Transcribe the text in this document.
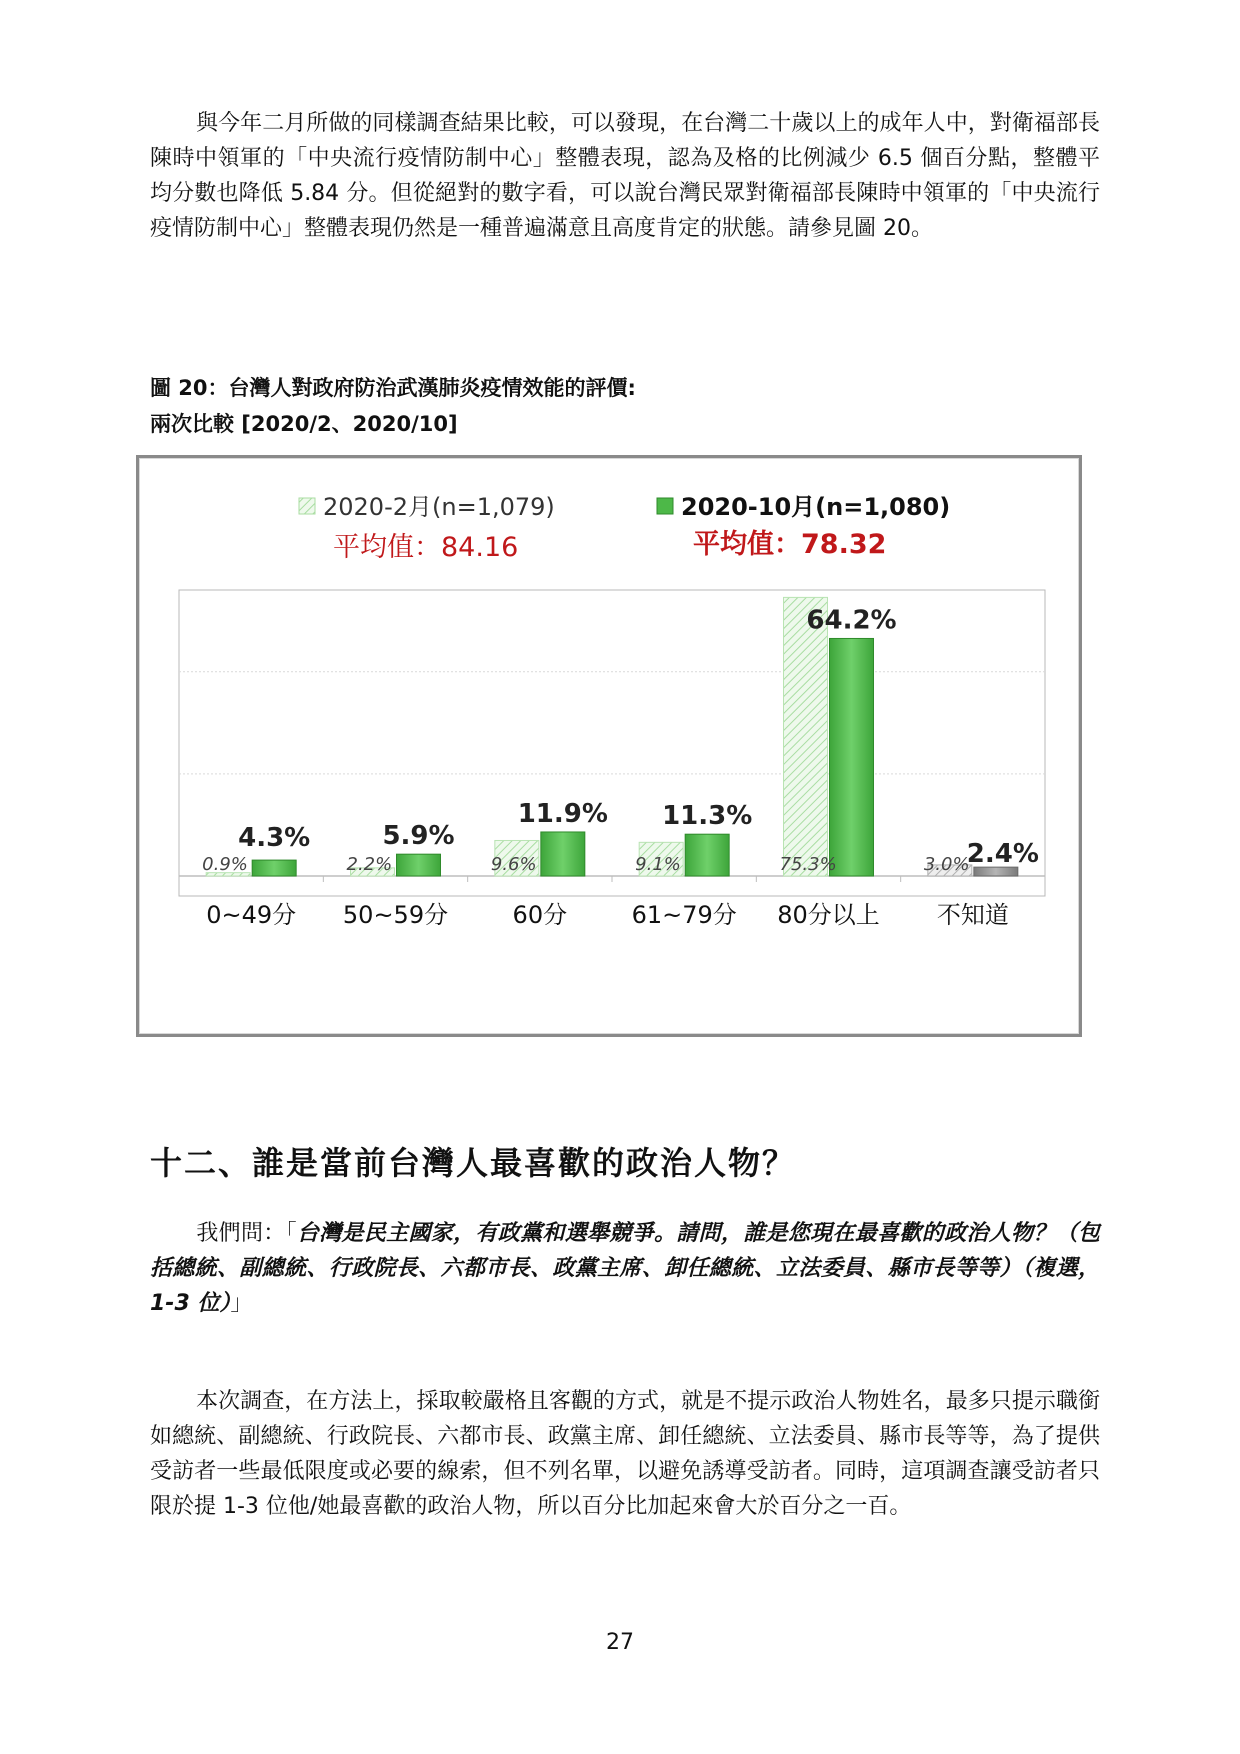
與今年二月所做的同樣調查結果比較，可以發現，在台灣二十歲以上的成年人中，對衛福部長陳時中領軍的「中央流行疫情防制中心」整體表現，認為及格的比例減少 6.5 個百分點，整體平均分數也降低 5.84 分。但從絕對的數字看，可以說台灣民眾對衛福部長陳時中領軍的「中央流行疫情防制中心」整體表現仍然是一種普遍滿意且高度肯定的狀態。請參見圖 20。

圖 20：台灣人對政府防治武漢肺炎疫情效能的評價:
兩次比較 [2020/2、2020/10]
2020-2月(n=1,079)	2020-10月(n=1,080)
平均值：84.16	平均值：78.32
0.9%
4.3%
2.2%
5.9%
9.6%
11.9%
9.1%
11.3%
75.3%
64.2%
3.0%
2.4%
0~49分 50~59分	60分	61~79分 80分以上 不知道
十二、誰是當前台灣人最喜歡的政治人物？

我們問：「台灣是民主國家，有政黨和選舉競爭。請問，誰是您現在最喜歡的政治人物？（包括總統、副總統、行政院長、六都市長、政黨主席、卸任總統、立法委員、縣市長等等）（複選，1-3 位）」

本次調查，在方法上，採取較嚴格且客觀的方式，就是不提示政治人物姓名，最多只提示職銜如總統、副總統、行政院長、六都市長、政黨主席、卸任總統、立法委員、縣市長等等，為了提供受訪者一些最低限度或必要的線索，但不列名單，以避免誘導受訪者。同時，這項調查讓受訪者只限於提 1-3 位他/她最喜歡的政治人物，所以百分比加起來會大於百分之一百。

27
